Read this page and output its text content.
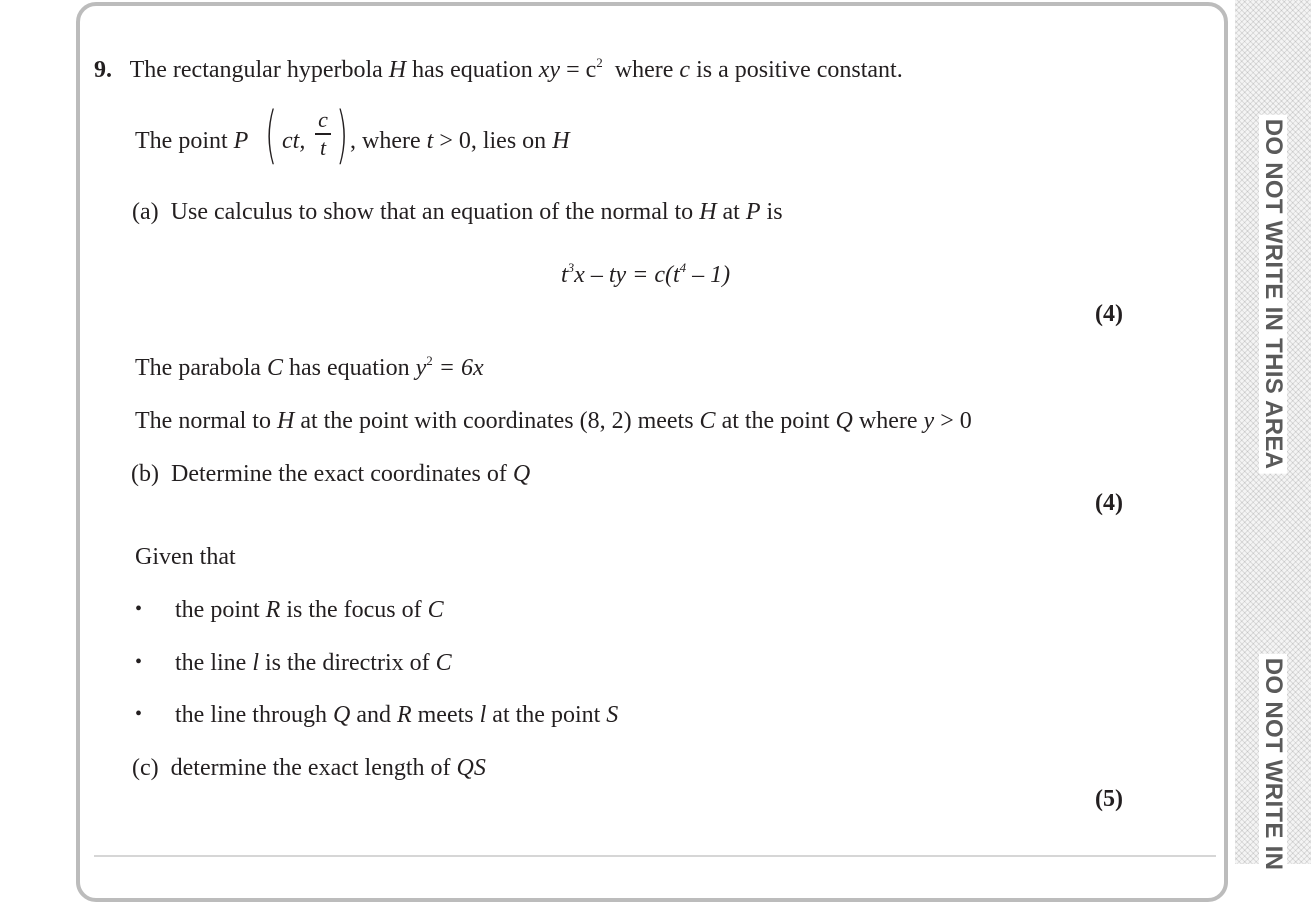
DO NOT WRITE IN THIS AREA
DO NOT WRITE IN
9. The rectangular hyperbola H has equation xy = $c^2$ where c is a positive constant.
The point P ( ct,
c
t ) , where t > 0, lies on H
(a) Use calculus to show that an equation of the normal to H at P is
$t^3x$ – ty = $c(t^4 - 1)$
(4)
The parabola C has equation $y^2 = 6x$
The normal to H at the point with coordinates (8, 2) meets C at the point Q where y > 0
(b) Determine the exact coordinates of Q
(4)
Given that
• the point R is the focus of C
• the line l is the directrix of C
• the line through Q and R meets l at the point S
(c) determine the exact length of QS
(5)
